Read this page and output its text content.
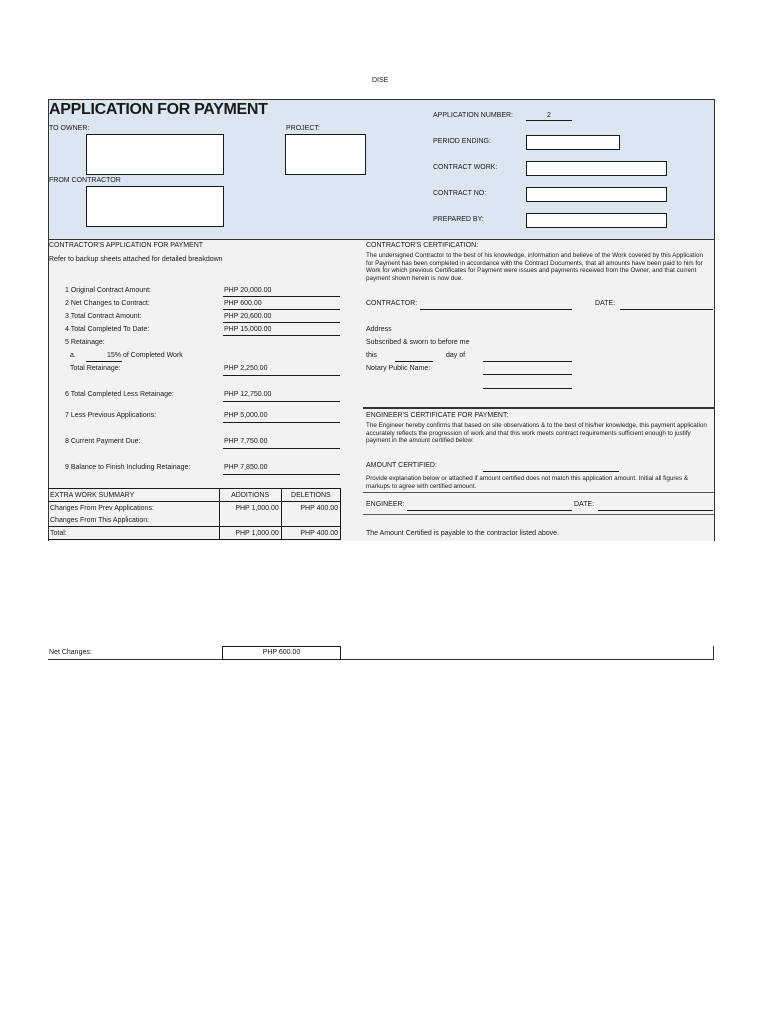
DISE
APPLICATION FOR PAYMENT
TO OWNER:	PROJECT:
FROM CONTRACTOR
APPLICATION NUMBER:	2
PERIOD ENDING:
CONTRACT WORK:
CONTRACT NO:
PREPARED BY:
CONTRACTOR'S APPLICATION FOR PAYMENT
Refer to backup sheets attached for detailed breakdown
1 Original Contract Amount:	PHP 20,000.00
2 Net Changes to Contract:	PHP 600.00
3 Total Contract Amount:	PHP 20,600.00
4 Total Completed To Date:	PHP 15,000.00
5 Retainage:
a.	15% of Completed Work
Total Retainage:	PHP 2,250.00
6 Total Completed Less Retainage:	PHP 12,750.00
7 Less Previous Applications:	PHP 5,000.00
8 Current Payment Due:	PHP 7,750.00
9 Balance to Finish Including Retainage:	PHP 7,850.00
EXTRA WORK SUMMARY	ADDITIONS	DELETIONS
Changes From Prev Applications:	PHP 1,000.00	PHP 400.00
Changes From This Application:		
Total:	PHP 1,000.00	PHP 400.00
CONTRACTOR'S CERTIFICATION:
The undersigned Contractor to the best of his knowledge, information and believe of the Work covered by this Application for Payment has been completed in accordance with the Contract Documents, that all amounts have been paid to him for Work for which previous Certificates for Payment were issues and payments received from the Owner, and that current payment shown herein is now due.
CONTRACTOR:	DATE:
Address
Subscribed & sworn to before me
this	day of
Notary Public Name:
ENGINEER'S CERTIFICATE FOR PAYMENT:
The Engineer hereby confirms that based on site observations & to the best of his/her knowledge, this payment application accurately reflects the progression of work and that this work meets contract requirements sufficient enough to justify payment in the amount certified below:
AMOUNT CERTIFIED:
Provide explanation below or attached if amount certified does not match this application amount. Initial all figures & markups to agree with certified amount.
ENGINEER:	DATE:
The Amount Certified is payable to the contractor listed above.
Net Changes:	PHP 600.00
